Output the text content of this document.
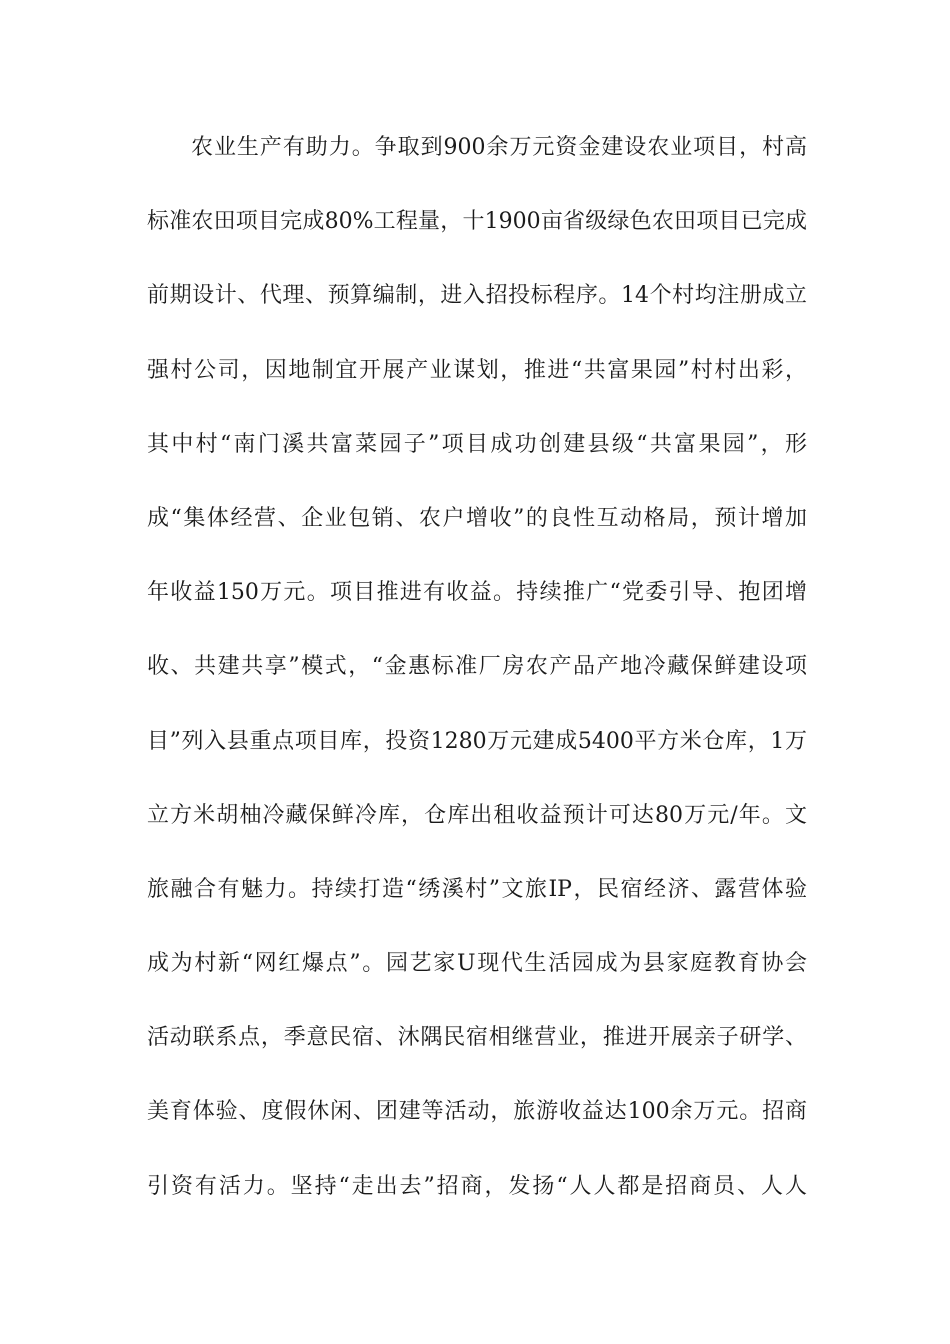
农业生产有助力。争取到900余万元资金建设农业项目，村高
标准农田项目完成80%工程量，十1900亩省级绿色农田项目已完成
前期设计、代理、预算编制，进入招投标程序。14个村均注册成立
强村公司，因地制宜开展产业谋划，推进“共富果园”村村出彩，
其中村“南门溪共富菜园子”项目成功创建县级“共富果园”，形
成“集体经营、企业包销、农户增收”的良性互动格局，预计增加
年收益150万元。项目推进有收益。持续推广“党委引导、抱团增
收、共建共享”模式，“金惠标准厂房农产品产地冷藏保鲜建设项
目”列入县重点项目库，投资1280万元建成5400平方米仓库，1万
立方米胡柚冷藏保鲜冷库，仓库出租收益预计可达80万元/年。文
旅融合有魅力。持续打造“绣溪村”文旅IP，民宿经济、露营体验
成为村新“网红爆点”。园艺家U现代生活园成为县家庭教育协会
活动联系点，季意民宿、沐隅民宿相继营业，推进开展亲子研学、
美育体验、度假休闲、团建等活动，旅游收益达100余万元。招商
引资有活力。坚持“走出去”招商，发扬“人人都是招商员、人人
